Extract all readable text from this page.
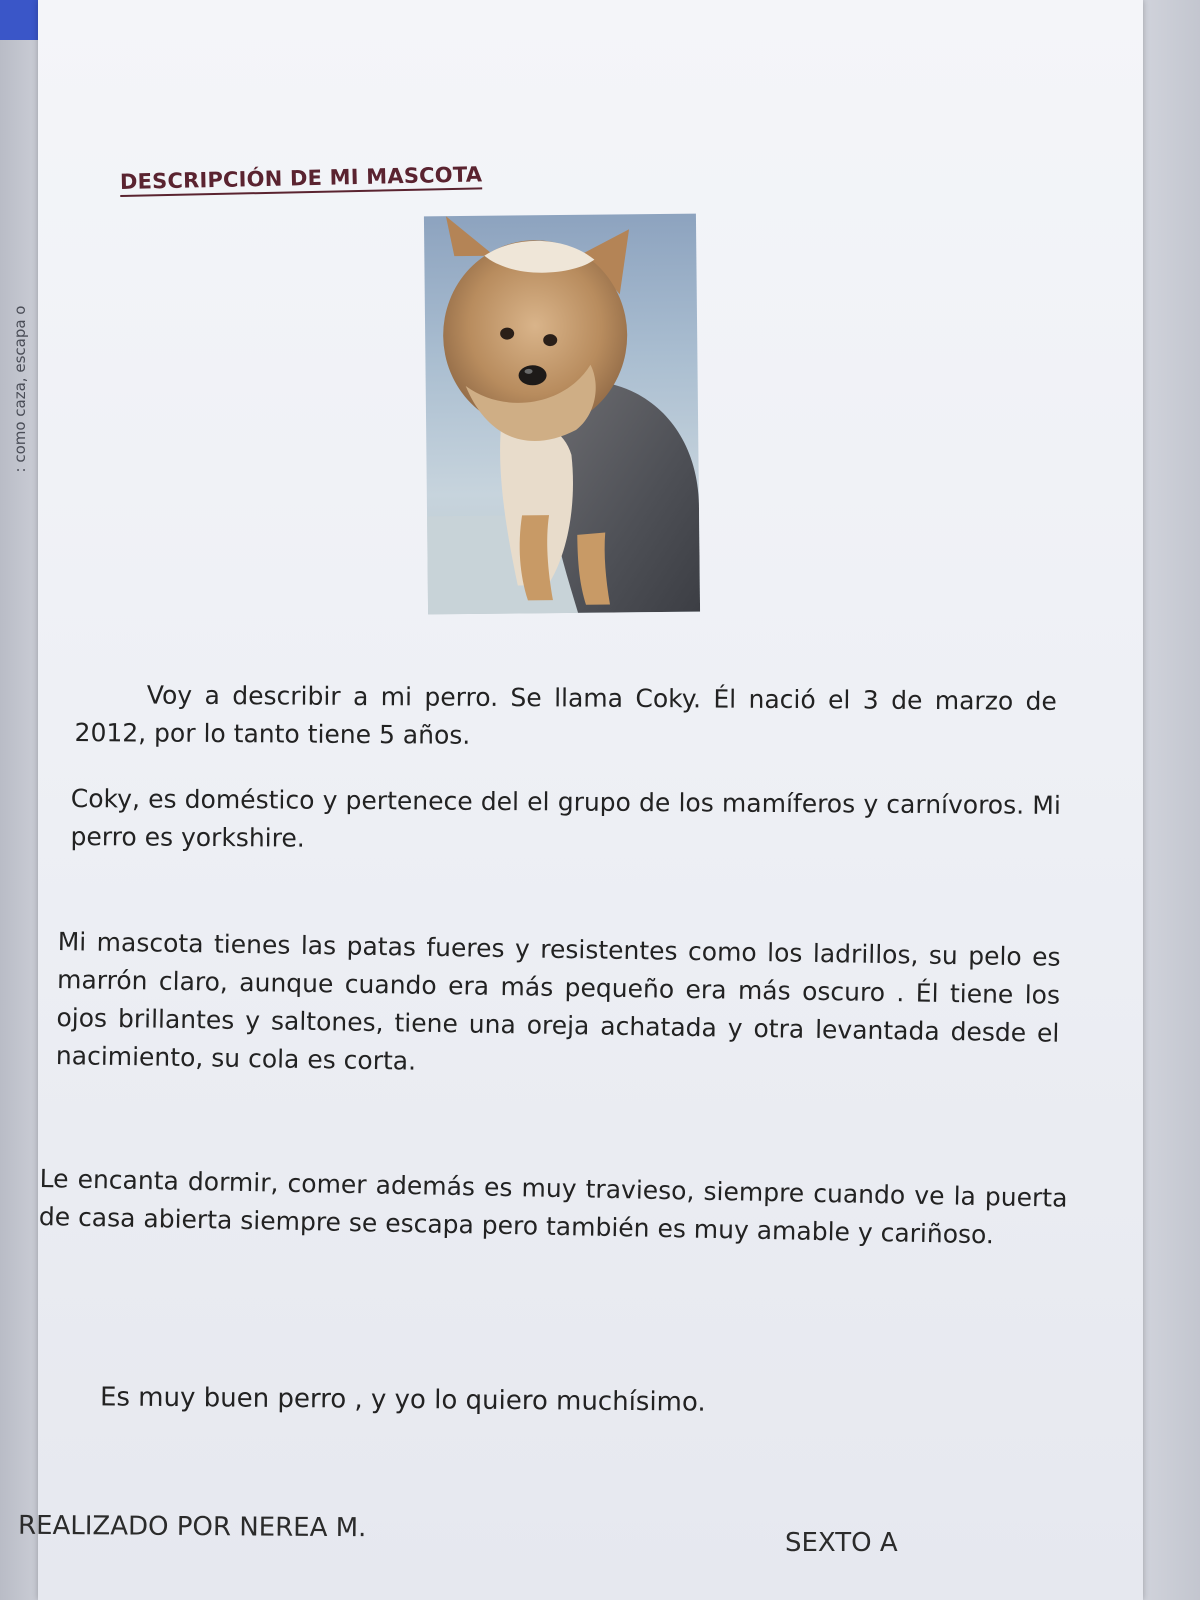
: como caza, escapa o
DESCRIPCIÓN DE MI MASCOTA
Voy a describir a mi perro. Se llama Coky. Él nació el 3 de marzo de 2012, por lo tanto tiene 5 años.
Coky, es doméstico y pertenece del el grupo de los mamíferos y carnívoros. Mi perro es yorkshire.
Mi mascota tienes las patas fueres y resistentes como los ladrillos, su pelo es marrón claro, aunque cuando era más pequeño era más oscuro . Él tiene los ojos brillantes y saltones, tiene una oreja achatada y otra levantada desde el nacimiento, su cola es corta.
Le encanta dormir, comer además es muy travieso, siempre cuando ve la puerta de casa abierta siempre se escapa pero también es muy amable y cariñoso.
Es muy buen perro , y yo lo quiero muchísimo.
REALIZADO POR NEREA M.	SEXTO A
